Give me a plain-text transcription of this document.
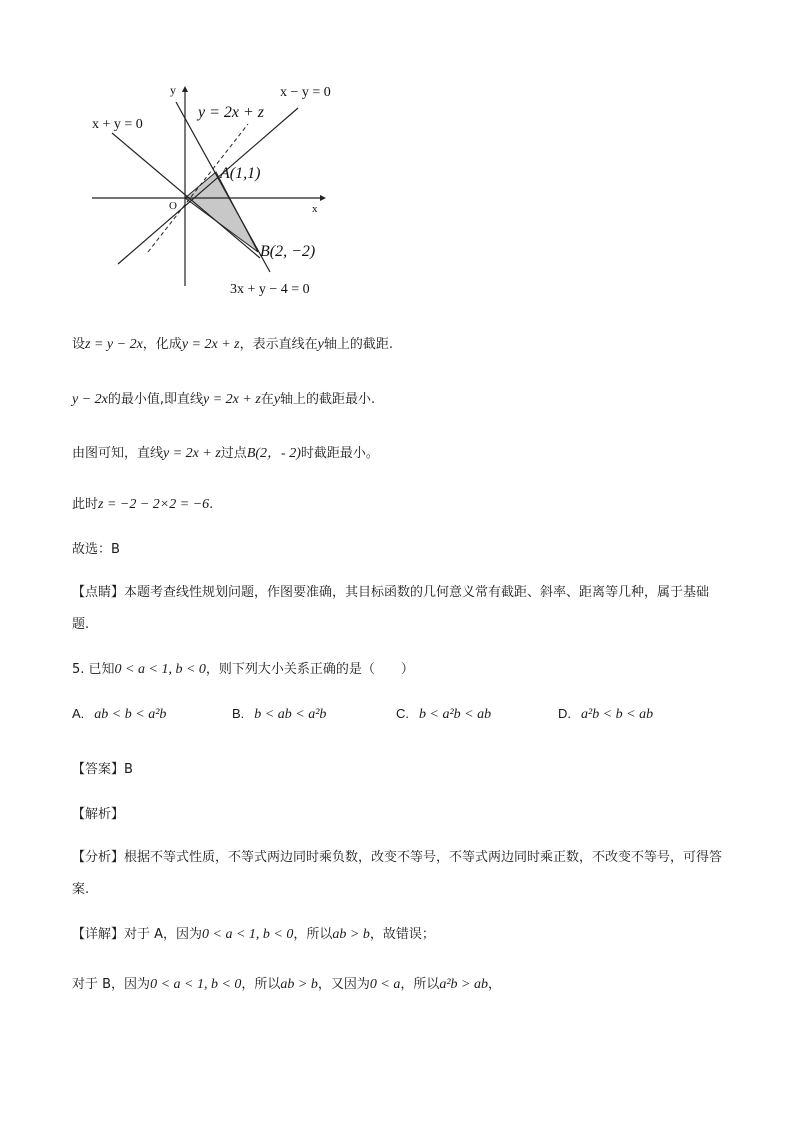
y
x
O
x + y = 0
x − y = 0
y = 2x + z
A(1,1)
B(2, −2)
3x + y − 4 = 0
设z = y − 2x，化成y = 2x + z，表示直线在y轴上的截距.
y − 2x的最小值,即直线y = 2x + z在y轴上的截距最小.
由图可知，直线y = 2x + z过点B(2，- 2)时截距最小。
此时z = −2 − 2×2 = −6.
故选：B
【点睛】本题考查线性规划问题，作图要准确，其目标函数的几何意义常有截距、斜率、距离等几种，属于基础题.
5. 已知0 < a < 1, b < 0，则下列大小关系正确的是（　　）
A. ab < b < a²b	B. b < ab < a²b	C. b < a²b < ab	D. a²b < b < ab
【答案】B
【解析】
【分析】根据不等式性质，不等式两边同时乘负数，改变不等号，不等式两边同时乘正数，不改变不等号，可得答案.
【详解】对于 A，因为0 < a < 1, b < 0，所以ab > b，故错误；
对于 B，因为0 < a < 1, b < 0，所以ab > b，又因为0 < a，所以a²b > ab，
